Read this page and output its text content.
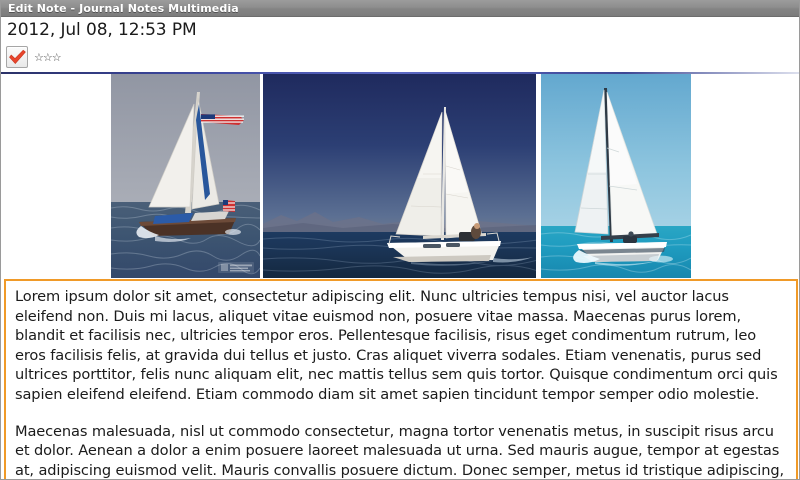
Edit Note - Journal Notes Multimedia
2012, Jul 08, 12:53 PM
☆ ☆ ☆

Lorem ipsum dolor sit amet, consectetur adipiscing elit. Nunc ultricies tempus nisi, vel auctor lacus eleifend non. Duis mi lacus, aliquet vitae euismod non, posuere vitae massa. Maecenas purus lorem, blandit et facilisis nec, ultricies tempor eros. Pellentesque facilisis, risus eget condimentum rutrum, leo eros facilisis felis, at gravida dui tellus et justo. Cras aliquet viverra sodales. Etiam venenatis, purus sed ultrices porttitor, felis nunc aliquam elit, nec mattis tellus sem quis tortor. Quisque condimentum orci quis sapien eleifend eleifend. Etiam commodo diam sit amet sapien tincidunt tempor semper odio molestie.

Maecenas malesuada, nisl ut commodo consectetur, magna tortor venenatis metus, in suscipit risus arcu et dolor. Aenean a dolor a enim posuere laoreet malesuada ut urna. Sed mauris augue, tempor at egestas at, adipiscing euismod velit. Mauris convallis posuere dictum. Donec semper, metus id tristique adipiscing,
